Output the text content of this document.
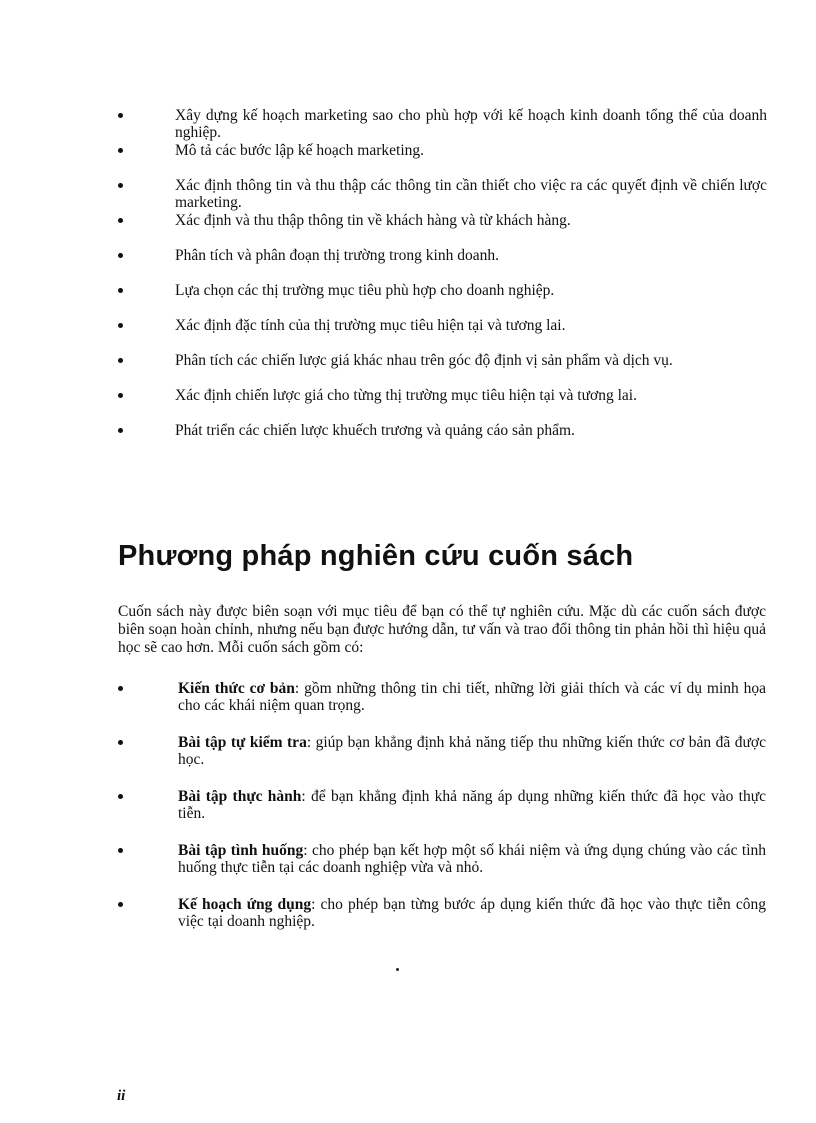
Xây dựng kế hoạch marketing sao cho phù hợp với kế hoạch kinh doanh tổng thể của doanh nghiệp.
Mô tả các bước lập kế hoạch marketing.
Xác định thông tin và thu thập các thông tin cần thiết cho việc ra các quyết định về chiến lược marketing.
Xác định và thu thập thông tin về khách hàng và từ khách hàng.
Phân tích và phân đoạn thị trường trong kinh doanh.
Lựa chọn các thị trường mục tiêu phù hợp cho doanh nghiệp.
Xác định đặc tính của thị trường mục tiêu hiện tại và tương lai.
Phân tích các chiến lược giá khác nhau trên góc độ định vị sản phẩm và dịch vụ.
Xác định chiến lược giá cho từng thị trường mục tiêu hiện tại và tương lai.
Phát triển các chiến lược khuếch trương và quảng cáo sản phẩm.
Phương pháp nghiên cứu cuốn sách

Cuốn sách này được biên soạn với mục tiêu để bạn có thể tự nghiên cứu. Mặc dù các cuốn sách được biên soạn hoàn chỉnh, nhưng nếu bạn được hướng dẫn, tư vấn và trao đổi thông tin phản hồi thì hiệu quả học sẽ cao hơn. Mỗi cuốn sách gồm có:

Kiến thức cơ bản: gồm những thông tin chi tiết, những lời giải thích và các ví dụ minh họa cho các khái niệm quan trọng.
Bài tập tự kiểm tra: giúp bạn khẳng định khả năng tiếp thu những kiến thức cơ bản đã được học.
Bài tập thực hành: để bạn khẳng định khả năng áp dụng những kiến thức đã học vào thực tiễn.
Bài tập tình huống: cho phép bạn kết hợp một số khái niệm và ứng dụng chúng vào các tình huống thực tiễn tại các doanh nghiệp vừa và nhỏ.
Kế hoạch ứng dụng: cho phép bạn từng bước áp dụng kiến thức đã học vào thực tiễn công việc tại doanh nghiệp.
ii
